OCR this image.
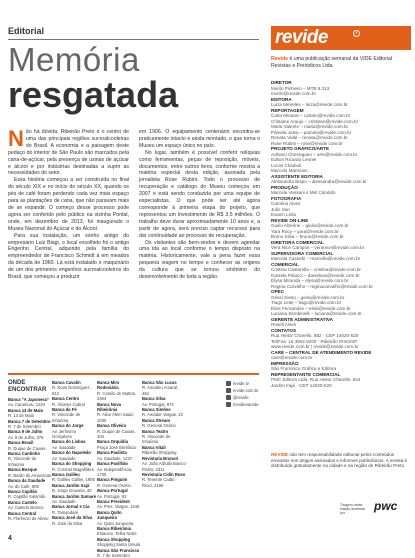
Editorial
Memória
resgatada
N ão há dúvida: Ribeirão Preto é o centro de uma das principais regiões sucroalcooleiras do Brasil. A economia e a paisagem deste pedaço do interior de São Paulo são marcados pela cana-de-açúcar, pela presença de usinas de açúcar e álcool e por indústrias destinadas a suprir as necessidades do setor.

Essa história começou a ser construída no final do século XIX e no início do século XX, quando os pés de café foram perdendo cada vez mais espaço para as plantações de cana, que não paravam mais de se expandir. O começo desse processo pode agora ser conferido pelo público na vizinha Pontal, onde, em dezembro de 2013, foi inaugurado o Museu Nacional do Açúcar e do Álcool.

Para sua instalação, um sonho antigo do empresário Luiz Biagi, o local escolhido foi o antigo Engenho Central, adquirido pela família do empreendedor de Francisco Schmidt à em meados da década de 1960. Lá está instalado o maquinário de um dos primeiros engenhos sucroalcooleiros do Brasil, que começou a produzir

em 1906. O equipamento centenário encontra-se praticamente intacto e ainda montado, o que torna o Museu um espaço único no país.

No lugar, também é possível conferir relíquias como ferramentas, peças de reposição, móveis, documentos, entre outros itens, conforme mostra a matéria especial desta edição, assinada pela jornalista Rose Rubini. Todo o processo de recuperação e catálogo do Museu começou em 2007 e está sendo conduzida por uma equipe de especialistas. O que pode ser até agora corresponde à primeira etapa do projeto, que representou um investimento de R$ 3,5 milhões. O trabalho deve durar aproximadamente 10 anos e, a partir de agora, será preciso captar recursos para dar continuidade ao processo de recuperação.

Os visitantes são bem-vindos e devem agendar uma ida ao local conforme o tempo disposto na matéria. Historicamente, vale a pena fazer essa pequena viagem no tempo e conhecer as origens da cultura que se tornou sinônimo do desenvolvimento de toda a região.

ONDE ENCONTRAR
Banca "A Japonesa"
Av. Caramuru, 1234
Banca 13 de Maio
R. 13 de Maio
Banca 7 de Setembro
R. 7 de Setembro
Banca 9 de Julho
Av. 9 de Julho, 378
Banca Brasil
R. Duque de Caxias
Banca Cantinho
R. Visconde de Inhaúma
Banca Bosque
R. Barão do Amazonas
Banca da Saudade
Av. do Café, 905
Banca Capitão
R. Capitão Salomão
Banca Castelo
Av. Castelo Branco
Banca Central
R. Florêncio de Abreu
Banca Cavalin
R. Nove Dominguez, 812
Banca Centro
R. Álvares Cabral
Banca da Fé
R. Visconde de Inhaúma
Banca do Jorge
Av. Jerônimo Gonçalves
Banca do Lisboa
Av. Saudade
Banca do Napoleão
Av. Saudade
Banca do Shopping
R. Coronel Magalhães
Banca Galileu
R. Galileu Galilei, 1905
Banca Jardim Irajá
R. Jorge Gouveia, 40
Banca Jardim Sumaré
Av. Saudade
Banca Jornal e Cia
R. Tamandaré
Banca José da Silva
R. José da Silva
Banca Mini Rodoviária
R. Camilo de Mattos, 2404
Banca Nova Ribeirânia
R. Alice Além Saad, 1030
Banca Oliveira
R. Duque de Caxias, 404
Banca Orquídia
Praça José Bonifácio
Banca Paulista
Av. Saudade, 1227
Banca Pavilhão
Av. Independência, 1730
Banca Pinguim
R. General Osório
Banca Portugal
Av. Portugal, 63
Banca President
Av. Pres. Vargas, 1446
Banca Quito Junqueira
Av. Quito Junqueira
Banca Ribeirânia
Estacion. Telha Norte
Banca Shopping
Shopping Santa Úrsula
Banca São Francisco
R. 7 de Setembro
Banca São Lucas
R. Amadeu Amaral, 484
Banca Silva
Av. Portugal, 974
Banca Simões
R. Amador Vargas, 43
Banca Stream
R. General Osório
Banca Teatro
R. Visconde de Inhaúma
Banca Vitali
Ribeirão Shopping
Revistaria Brunori
Av. João Arbulla Bianco
Pedro, 2311
Revistaria Cidin Roso
R. Tenente Catão Roxo, 2196
revide.tv
revide.com.br
@revide
/revidenarede
4
revide	®
Revide é uma publicação semanal da VIDE Editorial Revistas e Periódicos Ltda.
DIRETOR
Murilo Pinheiro – MTB 6.313
murilo@revide.com.br
EDITORA
Luiza Meireles – luiza@revide.com.br
REPORTAGEM
Carla Minossi – carlam@revide.com.br
Cristiane Araujo – cristiane@revide.com.br
Maria Valente – maria@revide.com.br
Pâmela Jalva – pamela@revide.com.br
Renata Vidal – renata@revide.com.br
Rose Rubini – rose@revide.com.br
PROJETO GRÁFICO/ARTE
Adriano Chenegano – arte@revide.com.br
Edson Ricardo Leonel
Lucas Chiabuti
Marcelo Marmiani
ASSISTENTE EDITORIA
Alessandra Bispo – alessandra@revide.com.br
PRODUÇÃO
Marcela Vessani e Mel Cândido
FOTOGRAFIA
Carolina Alves
Julio San
Ewaim Leão
REVIDE ON-LINE
Giulio Alzerine – giulio@revide.com.br
Yara Racy – yara@revide.com.br
Bruno Silva – bruno@revide.com.br
DIRETORA COMERCIAL
Vera Nice Campos – veranice@revide.com.br
SUPERVISORA COMERCIAL
Marcela Cassebi – marcella@revide.com.br
COMERCIAL
Cristina Cantarella – cristina@revide.com.br
Daniela Palucci – danielaxs@revide.com.br
Elysa Miranda – elysa@revide.com.br
Regina Carvalho – reginacarvalho@revide.com.br
OPEC
Géssi Cieso – geisa@revide.com.br
Tiago Leite – tiago@revide.com.br
Elvis Fernandes – elvis@revide.com.br
Luciana Sembinelli – luciana@revide.com.br
GERENTE ADMINISTRATIVA
Roseli Alves
CONTATOS
Rua Heitor Charello, 882 · CEP 14020-520
Tel/Fax: 16 3602.5200 · Ribeirão Preto/SP
www.revide.com.br | revide@revide.com.br
CARE – CENTRAL DE ATENDIMENTO REVIDE
care@revide.com.br
IMPRESSÃO
São Francisco Gráfica e Editora
REPRESENTANTE COMERCIAL
PMC Editora Ltda. Rua Heitor Charello, 844
Jardim Irajá · CEP 14020-520
REVIDE não tem responsabilidade editorial pelos conteúdos enviados nos artigos assinados e informes publicitários. A revista é distribuída gratuitamente na cidade e na região de Ribeirão Preto
Tiragem desta edição auditada por
pwc
